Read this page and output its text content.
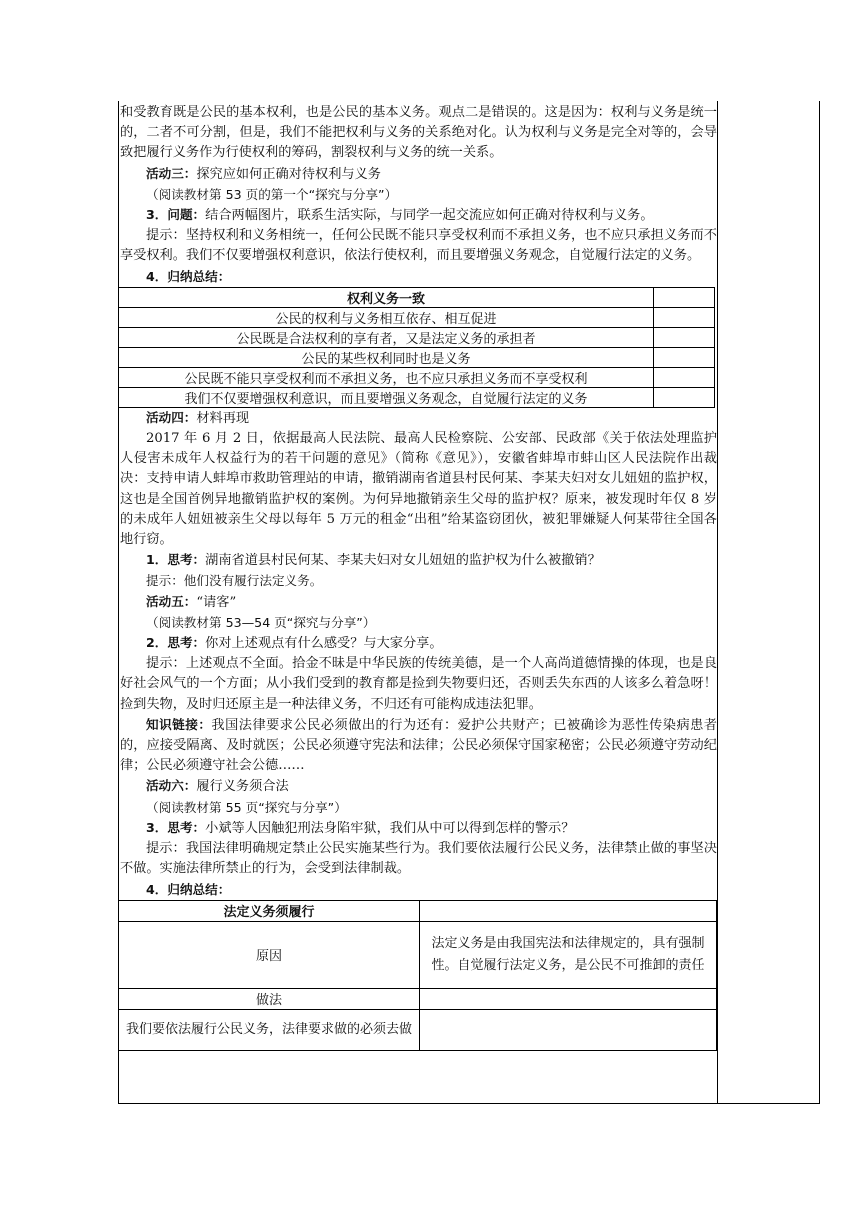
和受教育既是公民的基本权利，也是公民的基本义务。观点二是错误的。这是因为：权利与义务是统一的，二者不可分割，但是，我们不能把权利与义务的关系绝对化。认为权利与义务是完全对等的，会导致把履行义务作为行使权利的筹码，割裂权利与义务的统一关系。

活动三：探究应如何正确对待权利与义务

（阅读教材第 53 页的第一个“探究与分享”）

3．问题：结合两幅图片，联系生活实际，与同学一起交流应如何正确对待权利与义务。

提示：坚持权利和义务相统一，任何公民既不能只享受权利而不承担义务，也不应只承担义务而不享受权利。我们不仅要增强权利意识，依法行使权利，而且要增强义务观念，自觉履行法定的义务。

4．归纳总结：

权利义务一致	
公民的权利与义务相互依存、相互促进	
公民既是合法权利的享有者，又是法定义务的承担者	
公民的某些权利同时也是义务	
公民既不能只享受权利而不承担义务，也不应只承担义务而不享受权利	
我们不仅要增强权利意识，而且要增强义务观念，自觉履行法定的义务	

活动四：材料再现

2017 年 6 月 2 日，依据最高人民法院、最高人民检察院、公安部、民政部《关于依法处理监护人侵害未成年人权益行为的若干问题的意见》（简称《意见》），安徽省蚌埠市蚌山区人民法院作出裁决：支持申请人蚌埠市救助管理站的申请，撤销湖南省道县村民何某、李某夫妇对女儿妞妞的监护权，这也是全国首例异地撤销监护权的案例。为何异地撤销亲生父母的监护权？原来，被发现时年仅 8 岁的未成年人妞妞被亲生父母以每年 5 万元的租金“出租”给某盗窃团伙，被犯罪嫌疑人何某带往全国各地行窃。

1．思考：湖南省道县村民何某、李某夫妇对女儿妞妞的监护权为什么被撤销？

提示：他们没有履行法定义务。

活动五：“请客”

（阅读教材第 53—54 页“探究与分享”）

2．思考：你对上述观点有什么感受？与大家分享。

提示：上述观点不全面。拾金不昧是中华民族的传统美德，是一个人高尚道德情操的体现，也是良好社会风气的一个方面；从小我们受到的教育都是捡到失物要归还，否则丢失东西的人该多么着急呀！捡到失物，及时归还原主是一种法律义务，不归还有可能构成违法犯罪。

知识链接：我国法律要求公民必须做出的行为还有：爱护公共财产；已被确诊为恶性传染病患者的，应接受隔离、及时就医；公民必须遵守宪法和法律；公民必须保守国家秘密；公民必须遵守劳动纪律；公民必须遵守社会公德……

活动六：履行义务须合法

（阅读教材第 55 页“探究与分享”）

3．思考：小斌等人因触犯刑法身陷牢狱，我们从中可以得到怎样的警示？

提示：我国法律明确规定禁止公民实施某些行为。我们要依法履行公民义务，法律禁止做的事坚决不做。实施法律所禁止的行为，会受到法律制裁。

4．归纳总结：

法定义务须履行	
原因	法定义务是由我国宪法和法律规定的，具有强制性。自觉履行法定义务，是公民不可推卸的责任
做法	
我们要依法履行公民义务，法律要求做的必须去做	
